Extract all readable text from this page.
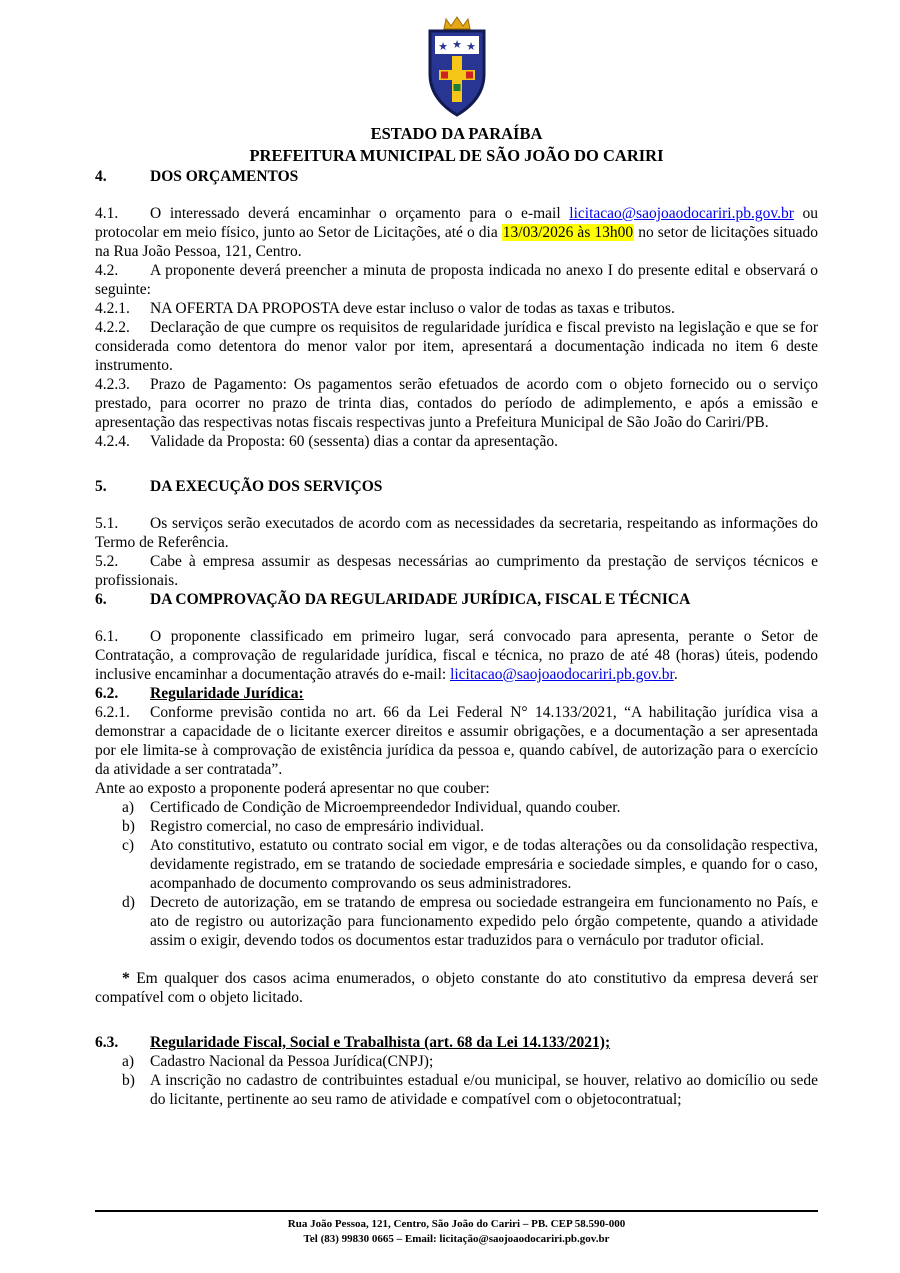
★ ★ ★
ESTADO DA PARAÍBA
PREFEITURA MUNICIPAL DE SÃO JOÃO DO CARIRI

4.	DOS ORÇAMENTOS

4.1. O interessado deverá encaminhar o orçamento para o e-mail licitacao@saojoaodocariri.pb.gov.br ou protocolar em meio físico, junto ao Setor de Licitações, até o dia 13/03/2026 às 13h00 no setor de licitações situado na Rua João Pessoa, 121, Centro.

4.2. A proponente deverá preencher a minuta de proposta indicada no anexo I do presente edital e observará o seguinte:

4.2.1. NA OFERTA DA PROPOSTA deve estar incluso o valor de todas as taxas e tributos.

4.2.2. Declaração de que cumpre os requisitos de regularidade jurídica e fiscal previsto na legislação e que se for considerada como detentora do menor valor por item, apresentará a documentação indicada no item 6 deste instrumento.

4.2.3. Prazo de Pagamento: Os pagamentos serão efetuados de acordo com o objeto fornecido ou o serviço prestado, para ocorrer no prazo de trinta dias, contados do período de adimplemento, e após a emissão e apresentação das respectivas notas fiscais respectivas junto a Prefeitura Municipal de São João do Cariri/PB.

4.2.4. Validade da Proposta: 60 (sessenta) dias a contar da apresentação.

5.	DA EXECUÇÃO DOS SERVIÇOS

5.1. Os serviços serão executados de acordo com as necessidades da secretaria, respeitando as informações do Termo de Referência.

5.2. Cabe à empresa assumir as despesas necessárias ao cumprimento da prestação de serviços técnicos e profissionais.

6.	DA COMPROVAÇÃO DA REGULARIDADE JURÍDICA, FISCAL E TÉCNICA

6.1. O proponente classificado em primeiro lugar, será convocado para apresenta, perante o Setor de Contratação, a comprovação de regularidade jurídica, fiscal e técnica, no prazo de até 48 (horas) úteis, podendo inclusive encaminhar a documentação através do e-mail: licitacao@saojoaodocariri.pb.gov.br.

6.2. Regularidade Jurídica:

6.2.1. Conforme previsão contida no art. 66 da Lei Federal N° 14.133/2021, “A habilitação jurídica visa a demonstrar a capacidade de o licitante exercer direitos e assumir obrigações, e a documentação a ser apresentada por ele limita-se à comprovação de existência jurídica da pessoa e, quando cabível, de autorização para o exercício da atividade a ser contratada”.

Ante ao exposto a proponente poderá apresentar no que couber:

a) Certificado de Condição de Microempreendedor Individual, quando couber.

b) Registro comercial, no caso de empresário individual.

c) Ato constitutivo, estatuto ou contrato social em vigor, e de todas alterações ou da consolidação respectiva, devidamente registrado, em se tratando de sociedade empresária e sociedade simples, e quando for o caso, acompanhado de documento comprovando os seus administradores.

d) Decreto de autorização, em se tratando de empresa ou sociedade estrangeira em funcionamento no País, e ato de registro ou autorização para funcionamento expedido pelo órgão competente, quando a atividade assim o exigir, devendo todos os documentos estar traduzidos para o vernáculo por tradutor oficial.

* Em qualquer dos casos acima enumerados, o objeto constante do ato constitutivo da empresa deverá ser compatível com o objeto licitado.

6.3. Regularidade Fiscal, Social e Trabalhista (art. 68 da Lei 14.133/2021);

a) Cadastro Nacional da Pessoa Jurídica(CNPJ);

b) A inscrição no cadastro de contribuintes estadual e/ou municipal, se houver, relativo ao domicílio ou sede do licitante, pertinente ao seu ramo de atividade e compatível com o objetocontratual;

Rua João Pessoa, 121, Centro, São João do Cariri – PB. CEP 58.590-000
Tel (83) 99830 0665 – Email: licitação@saojoaodocariri.pb.gov.br
